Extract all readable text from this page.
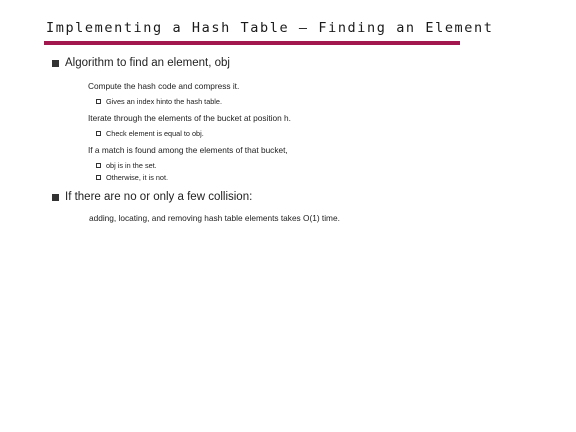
Implementing a Hash Table – Finding an Element
Algorithm to find an element, obj
Compute the hash code and compress it.
Gives an index hinto the hash table.
Iterate through the elements of the bucket at position h.
Check element is equal to obj.
If a match is found among the elements of that bucket,
obj is in the set.
Otherwise, it is not.
If there are no or only a few collision:
adding, locating, and removing hash table elements takes O(1) time.
